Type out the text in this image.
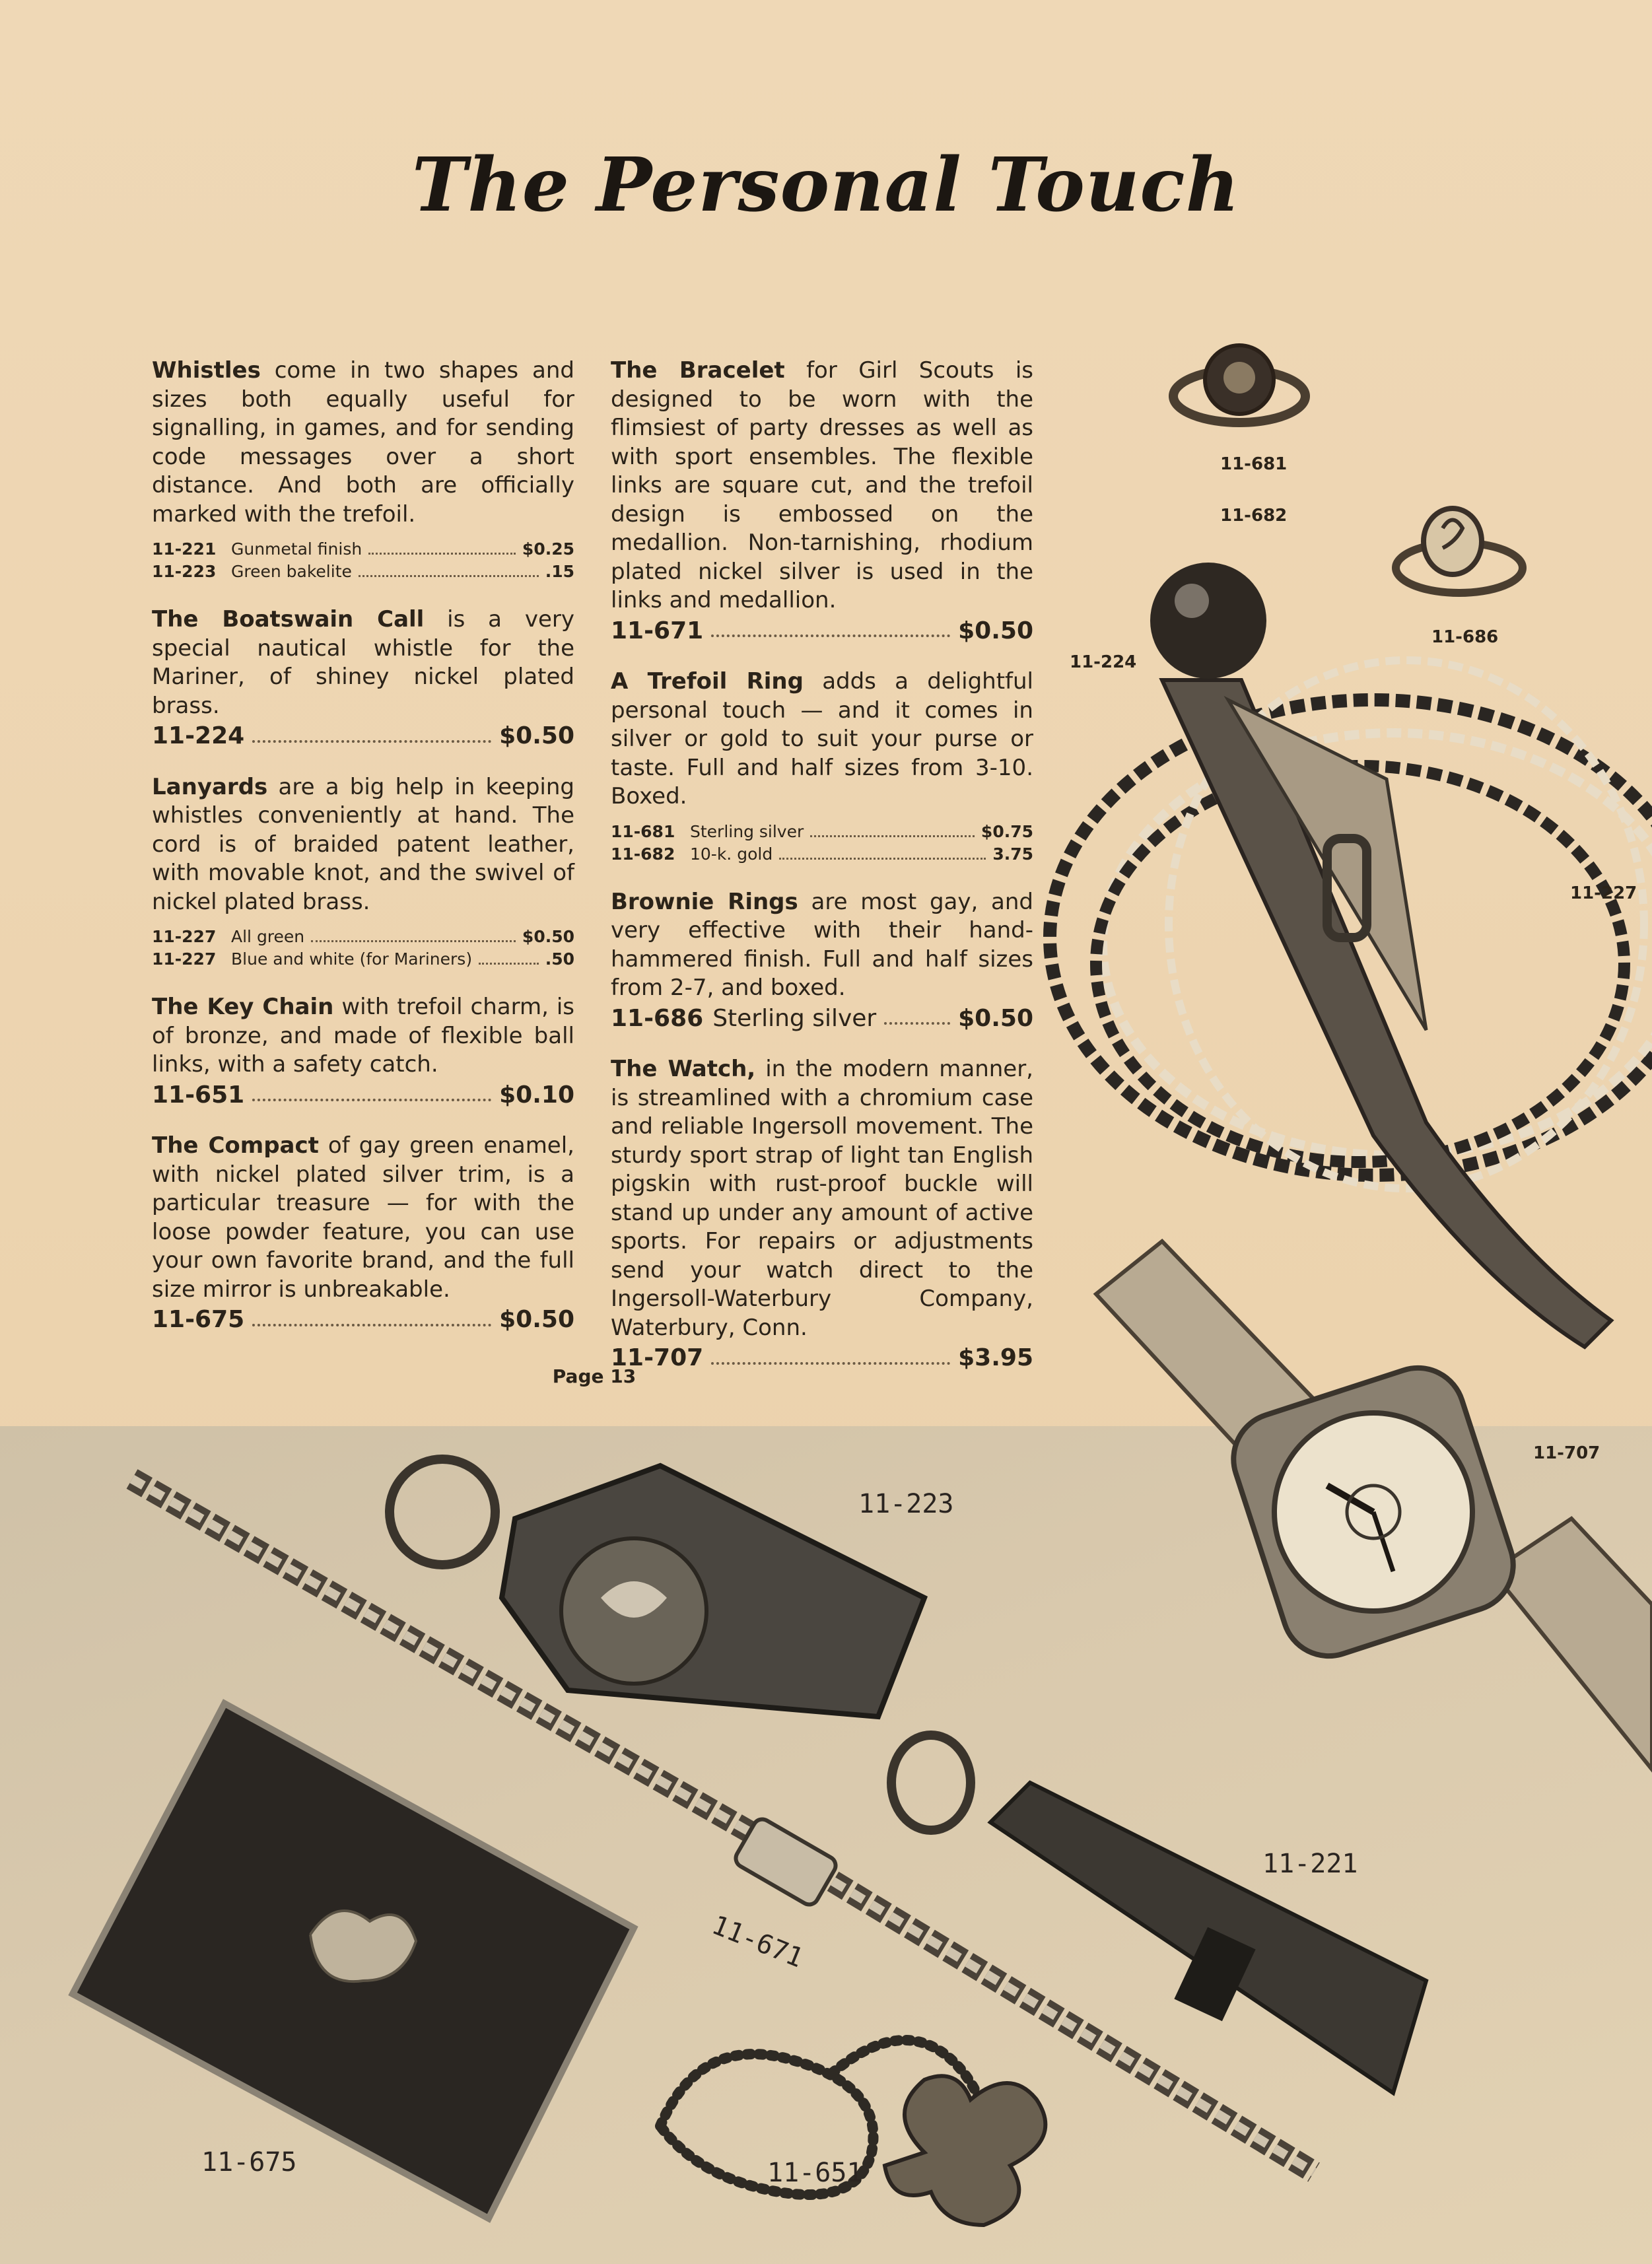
The Personal Touch
Whistles come in two shapes and sizes both equally useful for signalling, in games, and for sending code messages over a short distance. And both are officially marked with the trefoil.
11-221 Gunmetal finish	$0.25
11-223 Green bakelite	.15
The Boatswain Call is a very special nautical whistle for the Mariner, of shiney nickel plated brass.
11-224	$0.50
Lanyards are a big help in keeping whistles conveniently at hand. The cord is of braided patent leather, with movable knot, and the swivel of nickel plated brass.
11-227 All green	$0.50
11-227 Blue and white (for Mariners)	.50
The Key Chain with trefoil charm, is of bronze, and made of flexible ball links, with a safety catch.
11-651	$0.10
The Compact of gay green enamel, with nickel plated silver trim, is a particular treasure — for with the loose powder feature, you can use your own favorite brand, and the full size mirror is unbreakable.
11-675	$0.50
The Bracelet for Girl Scouts is designed to be worn with the flimsiest of party dresses as well as with sport ensembles. The flexible links are square cut, and the trefoil design is embossed on the medallion. Non-tarnishing, rhodium plated nickel silver is used in the links and medallion.
11-671	$0.50
A Trefoil Ring adds a delightful personal touch — and it comes in silver or gold to suit your purse or taste. Full and half sizes from 3-10. Boxed.
11-681 Sterling silver	$0.75
11-682 10-k. gold	3.75
Brownie Rings are most gay, and very effective with their hand-hammered finish. Full and half sizes from 2-7, and boxed.
11-686 Sterling silver	$0.50
The Watch, in the modern manner, is streamlined with a chromium case and reliable Ingersoll movement. The sturdy sport strap of light tan English pigskin with rust-proof buckle will stand up under any amount of active sports. For repairs or adjustments send your watch direct to the Ingersoll-Waterbury Company, Waterbury, Conn.
11-707	$3.95
Page 13
11-681
11-682
11-686
11-224
11-227
11-707
11-223
11-221
11-671
11-675	11-651
